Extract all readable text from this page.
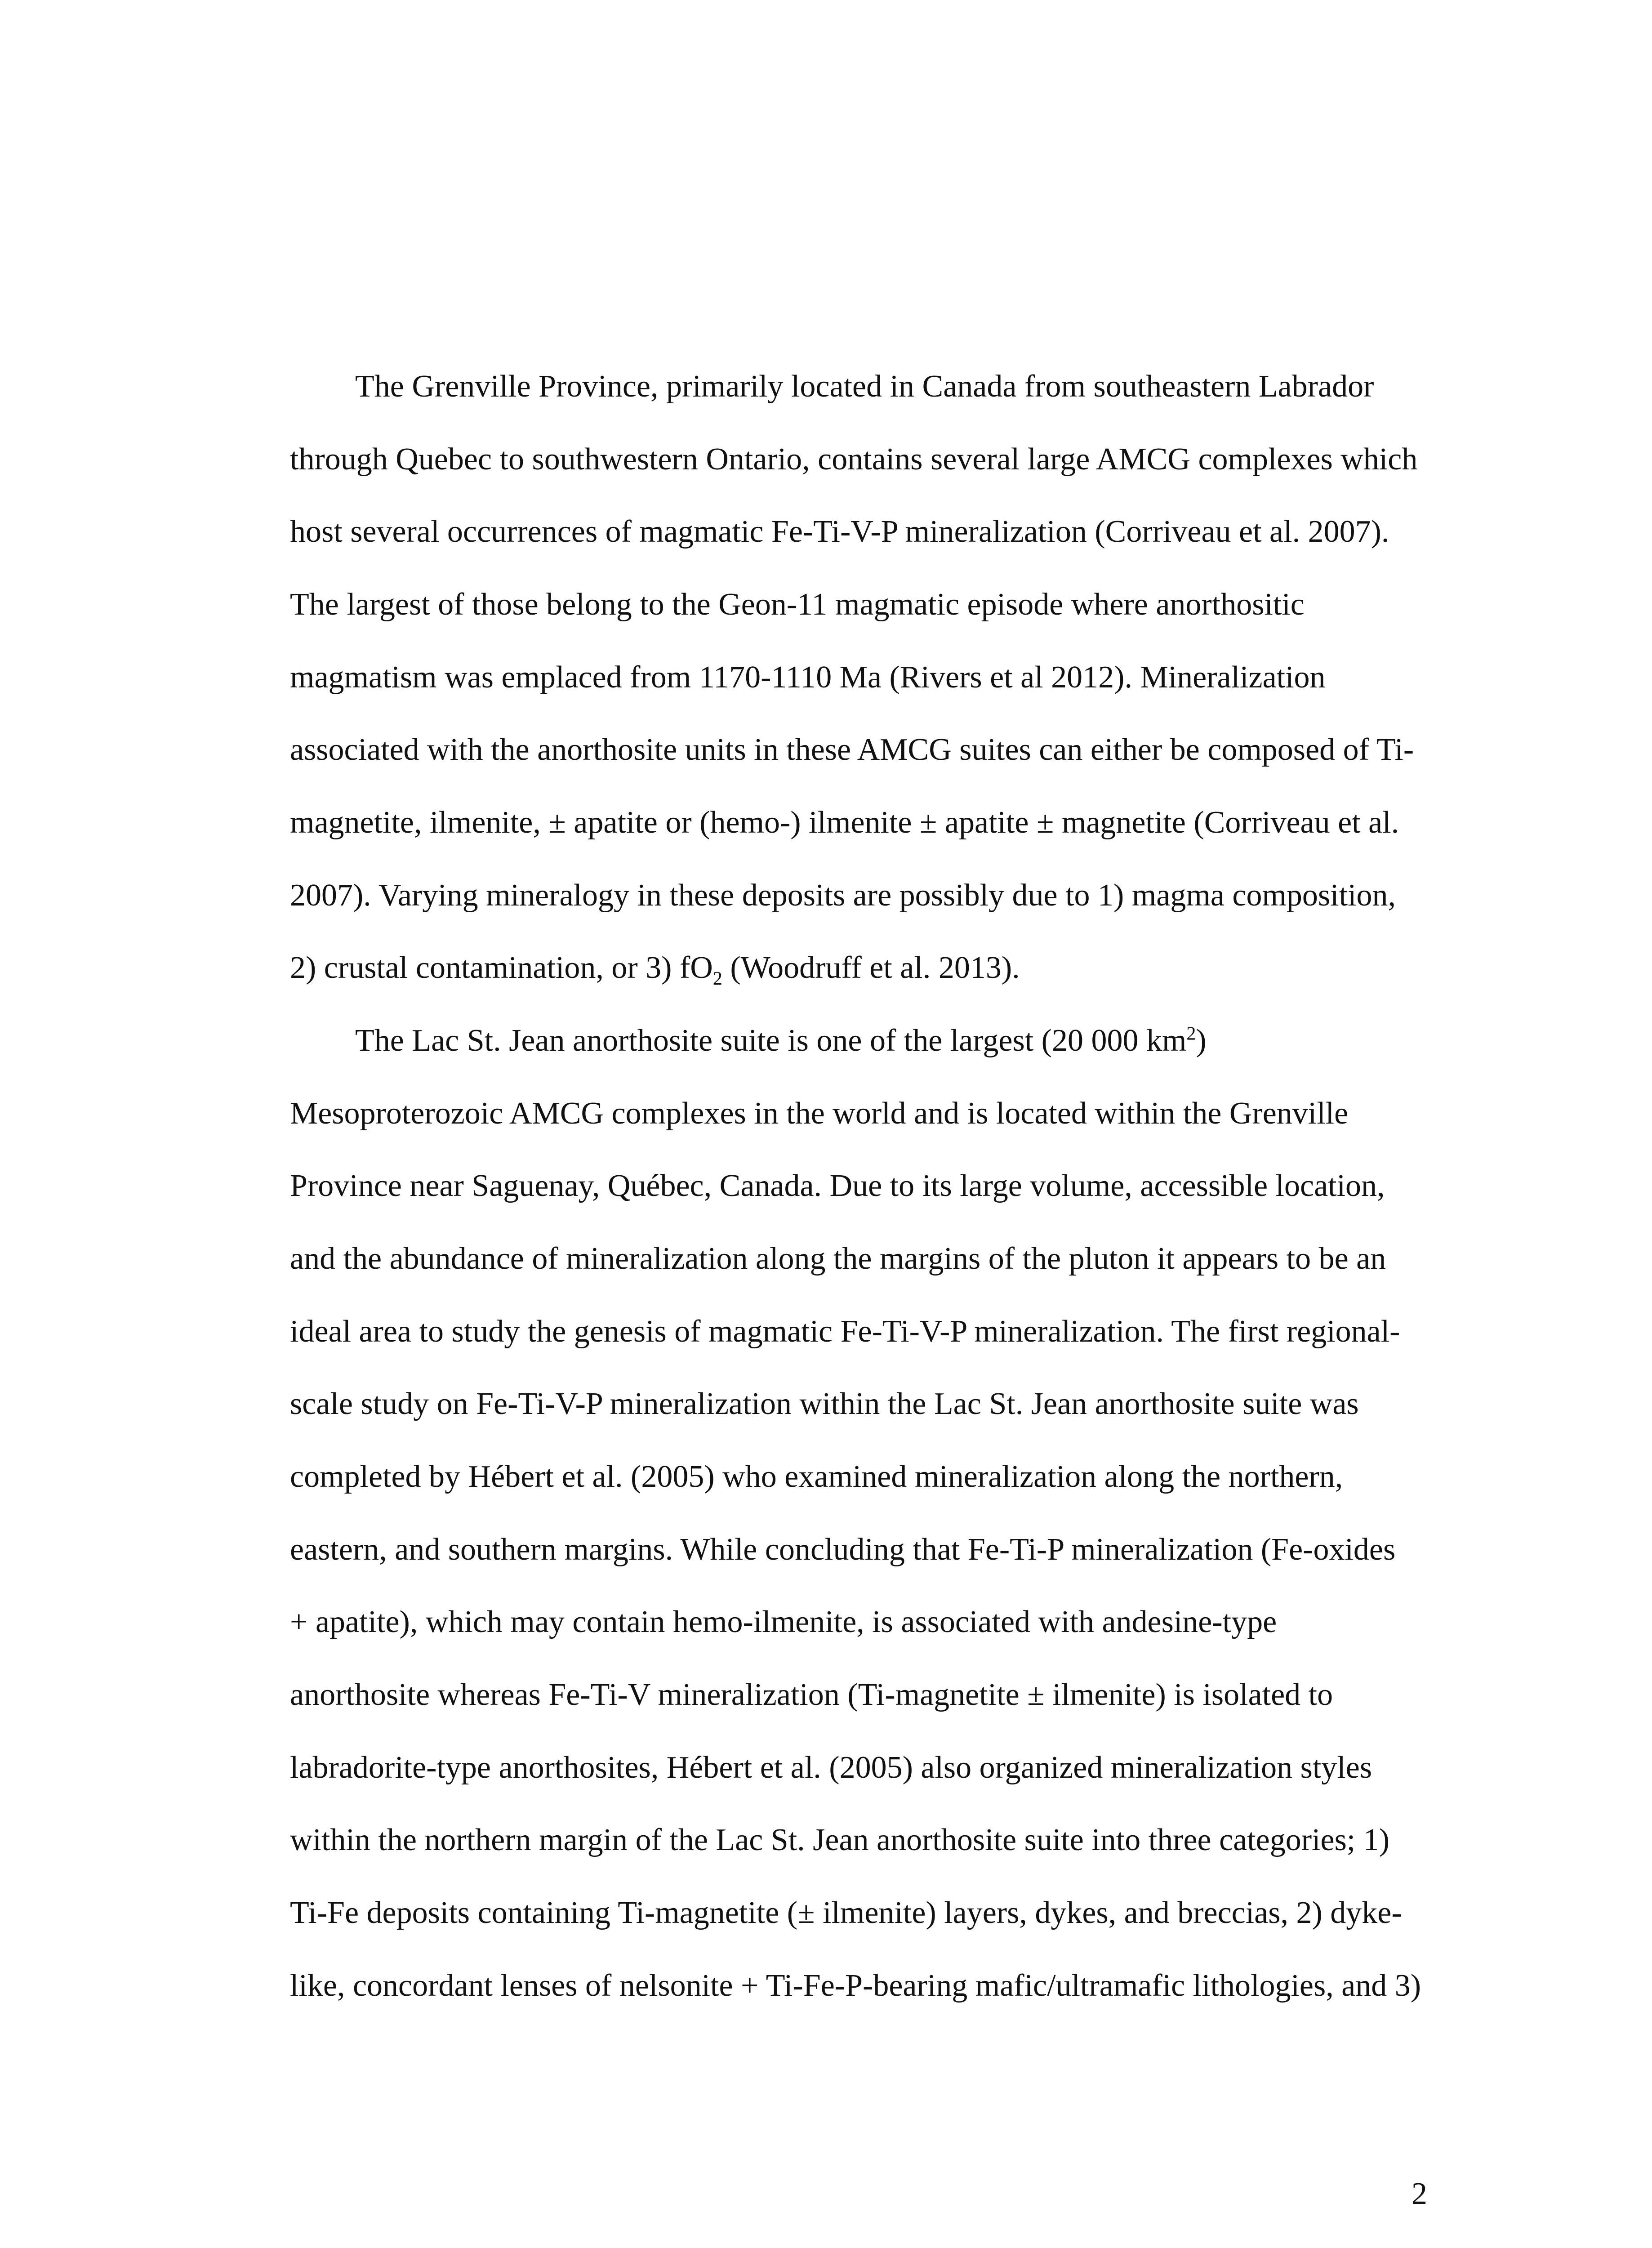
The Grenville Province, primarily located in Canada from southeastern Labrador
through Quebec to southwestern Ontario, contains several large AMCG complexes which
host several occurrences of magmatic Fe-Ti-V-P mineralization (Corriveau et al. 2007).
The largest of those belong to the Geon-11 magmatic episode where anorthositic
magmatism was emplaced from 1170-1110 Ma (Rivers et al 2012). Mineralization
associated with the anorthosite units in these AMCG suites can either be composed of Ti-
magnetite, ilmenite, ± apatite or (hemo-) ilmenite ± apatite ± magnetite (Corriveau et al.
2007). Varying mineralogy in these deposits are possibly due to 1) magma composition,
2) crustal contamination, or 3) $fO_2$ (Woodruff et al. 2013).
The Lac St. Jean anorthosite suite is one of the largest (20 000 $km^2$)
Mesoproterozoic AMCG complexes in the world and is located within the Grenville
Province near Saguenay, Québec, Canada. Due to its large volume, accessible location,
and the abundance of mineralization along the margins of the pluton it appears to be an
ideal area to study the genesis of magmatic Fe-Ti-V-P mineralization. The first regional-
scale study on Fe-Ti-V-P mineralization within the Lac St. Jean anorthosite suite was
completed by Hébert et al. (2005) who examined mineralization along the northern,
eastern, and southern margins. While concluding that Fe-Ti-P mineralization (Fe-oxides
+ apatite), which may contain hemo-ilmenite, is associated with andesine-type
anorthosite whereas Fe-Ti-V mineralization (Ti-magnetite ± ilmenite) is isolated to
labradorite-type anorthosites, Hébert et al. (2005) also organized mineralization styles
within the northern margin of the Lac St. Jean anorthosite suite into three categories; 1)
Ti-Fe deposits containing Ti-magnetite (± ilmenite) layers, dykes, and breccias, 2) dyke-
like, concordant lenses of nelsonite + Ti-Fe-P-bearing mafic/ultramafic lithologies, and 3)
2
